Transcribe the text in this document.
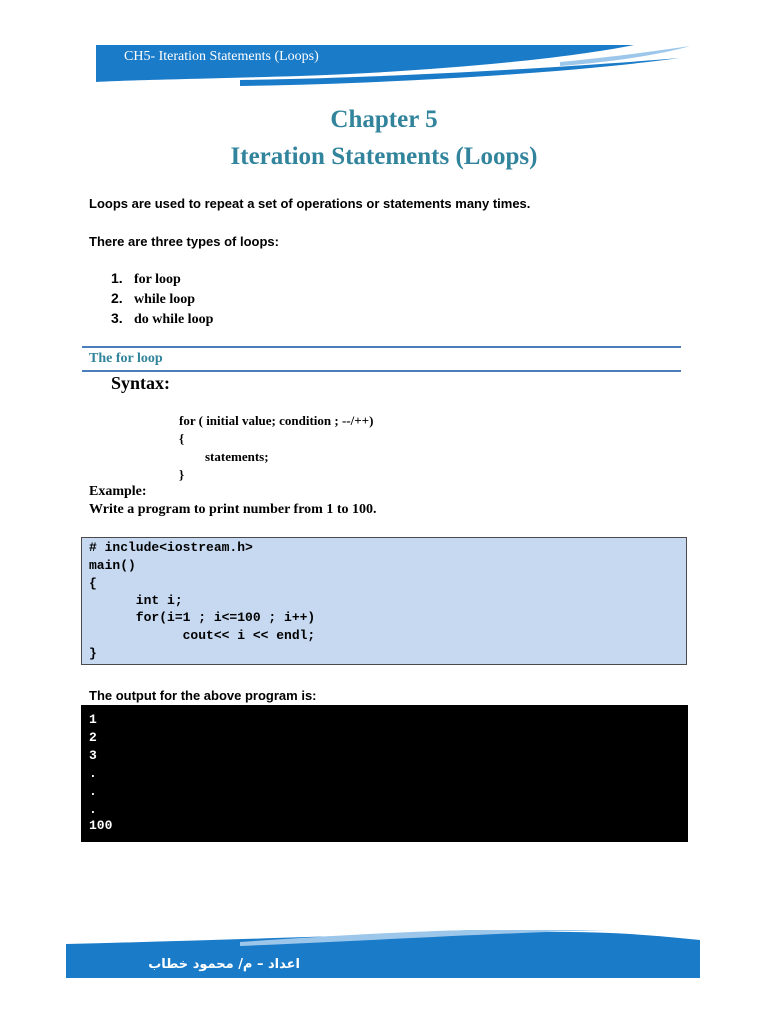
CH5- Iteration Statements (Loops)
Chapter 5
Iteration Statements (Loops)
Loops are used to repeat a set of operations or statements many times.
There are three types of loops:
1. for loop
2. while loop
3. do while loop
The for loop
Syntax:
for ( initial value; condition ; --/++)
{
statements;
}
Example:
Write a program to print number from 1 to 100.
# include<iostream.h>
main()
{
int i;
for(i=1 ; i<=100 ; i++)
cout<< i << endl;
}
The output for the above program is:
1
2
3
.
.
.
100
اعداد – م/ محمود خطاب
